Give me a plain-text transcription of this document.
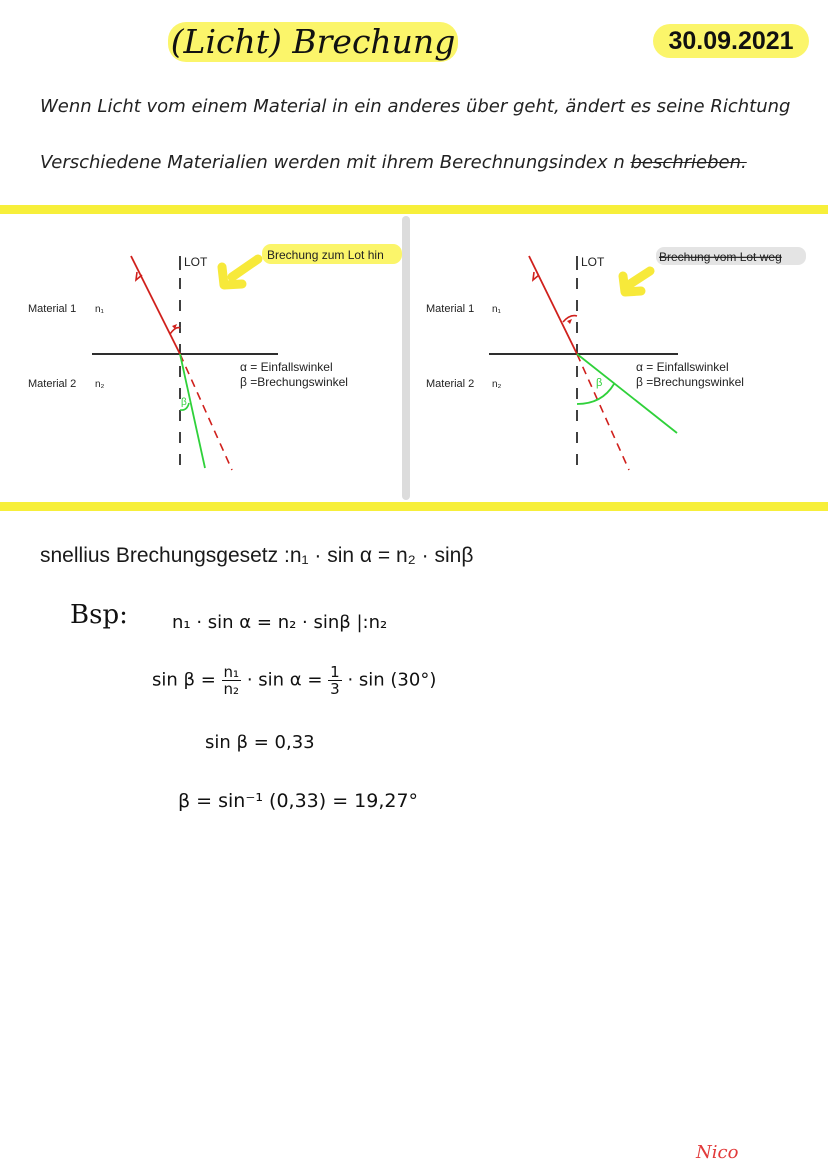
(Licht) Brechung	30.09.2021
Wenn Licht vom einem Material in ein anderes über geht, ändert es seine Richtung
Verschiedene Materialien werden mit ihrem Berechnungsindex n beschrieben.
Brechung zum Lot hin
LOT
β
Material 1 n₁
Material 2 n₂
α = Einfallswinkel
β =Brechungswinkel
Brechung vom Lot weg
LOT
β
Material 1 n₁
Material 2 n₂
α = Einfallswinkel
β =Brechungswinkel
snellius Brechungsgesetz :n₁ · sin α = n₂ · sinβ
Bsp: n₁ · sin α = n₂ · sinβ |:n₂
$\sin \beta = \frac{\text{n₁}}{\text{n₂}} \cdot \sin \alpha = \frac{1}{3} \cdot \sin (30^\circ)$
sin β = 0,33
β = sin⁻¹ (0,33) = 19,27°
Nico
